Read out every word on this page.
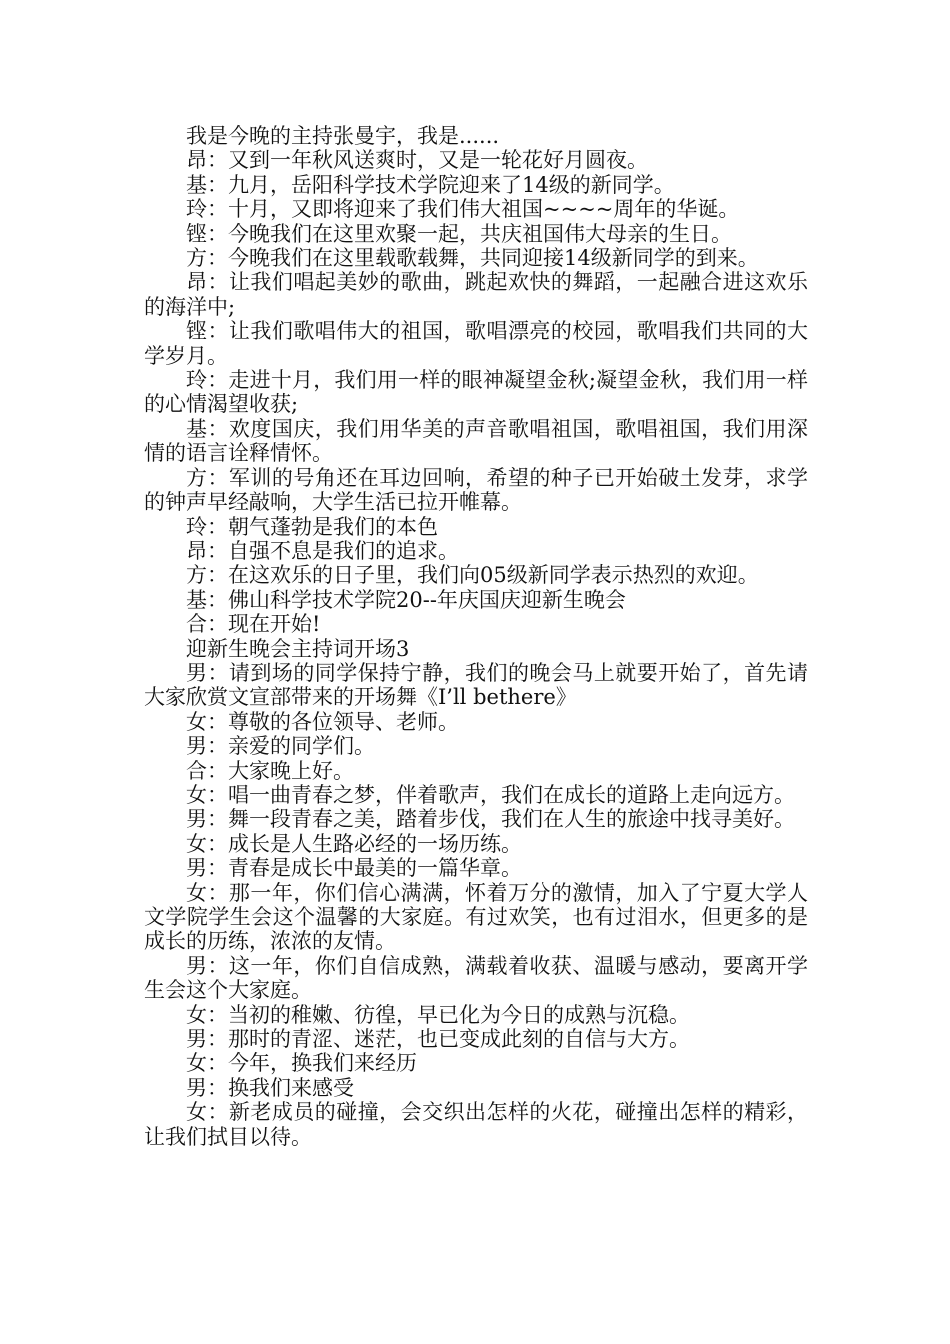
我是今晚的主持张曼宇，我是......

昂：又到一年秋风送爽时，又是一轮花好月圆夜。

基：九月，岳阳科学技术学院迎来了14级的新同学。

玲：十月，又即将迎来了我们伟大祖国~~~~周年的华诞。

铿：今晚我们在这里欢聚一起，共庆祖国伟大母亲的生日。

方：今晚我们在这里载歌载舞，共同迎接14级新同学的到来。

昂：让我们唱起美妙的歌曲，跳起欢快的舞蹈，一起融合进这欢乐的海洋中;

铿：让我们歌唱伟大的祖国，歌唱漂亮的校园，歌唱我们共同的大学岁月。

玲：走进十月，我们用一样的眼神凝望金秋;凝望金秋，我们用一样的心情渴望收获;

基：欢度国庆，我们用华美的声音歌唱祖国，歌唱祖国，我们用深情的语言诠释情怀。

方：军训的号角还在耳边回响，希望的种子已开始破土发芽，求学的钟声早经敲响，大学生活已拉开帷幕。

玲：朝气蓬勃是我们的本色

昂：自强不息是我们的追求。

方：在这欢乐的日子里，我们向05级新同学表示热烈的欢迎。

基：佛山科学技术学院20--年庆国庆迎新生晚会

合：现在开始!

迎新生晚会主持词开场3

男：请到场的同学保持宁静，我们的晚会马上就要开始了，首先请大家欣赏文宣部带来的开场舞《I’ll bethere》

女：尊敬的各位领导、老师。

男：亲爱的同学们。

合：大家晚上好。

女：唱一曲青春之梦，伴着歌声，我们在成长的道路上走向远方。

男：舞一段青春之美，踏着步伐，我们在人生的旅途中找寻美好。

女：成长是人生路必经的一场历练。

男：青春是成长中最美的一篇华章。

女：那一年，你们信心满满，怀着万分的激情，加入了宁夏大学人文学院学生会这个温馨的大家庭。有过欢笑，也有过泪水，但更多的是成长的历练，浓浓的友情。

男：这一年，你们自信成熟，满载着收获、温暖与感动，要离开学生会这个大家庭。

女：当初的稚嫩、彷徨，早已化为今日的成熟与沉稳。

男：那时的青涩、迷茫，也已变成此刻的自信与大方。

女：今年，换我们来经历

男：换我们来感受

女：新老成员的碰撞，会交织出怎样的火花，碰撞出怎样的精彩，让我们拭目以待。
